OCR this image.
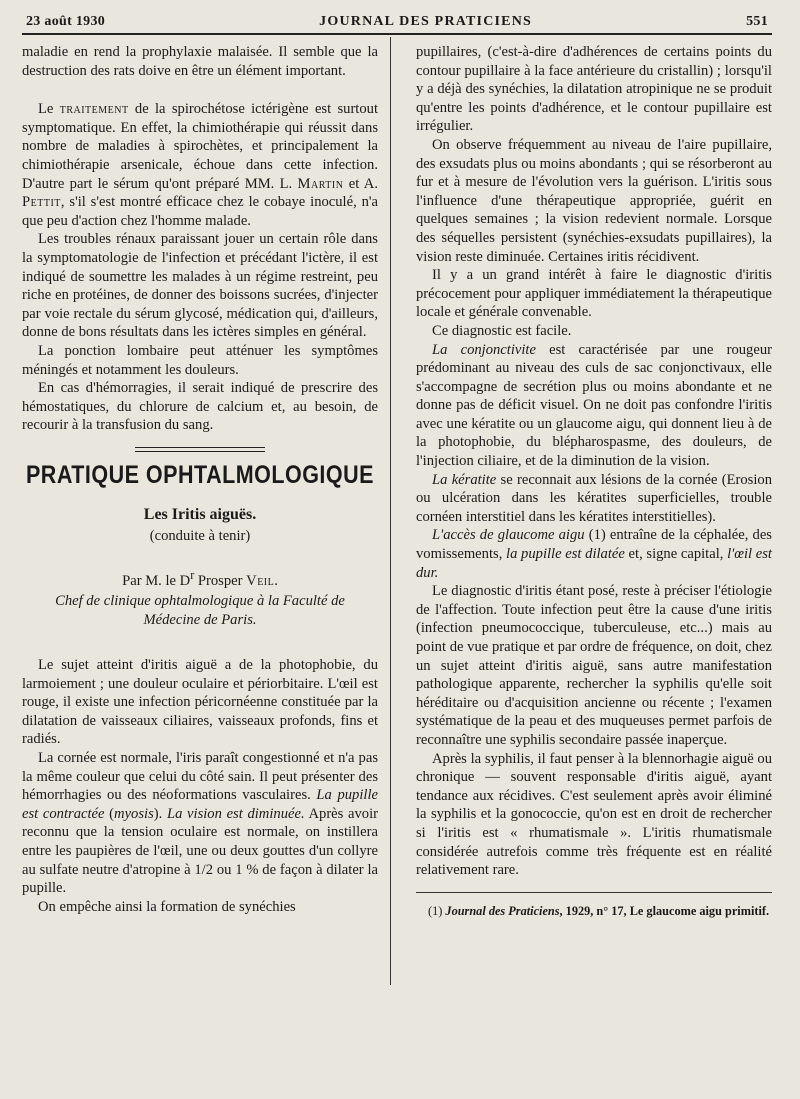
23 août 1930	JOURNAL DES PRATICIENS	551

maladie en rend la prophylaxie malaisée. Il semble que la destruction des rats doive en être un élément important.

Le traitement de la spirochétose ictérigène est surtout symptomatique. En effet, la chimiothérapie qui réussit dans nombre de maladies à spirochètes, et principalement la chimiothérapie arsenicale, échoue dans cette infection. D'autre part le sérum qu'ont préparé MM. L. Martin et A. Pettit, s'il s'est montré efficace chez le cobaye inoculé, n'a que peu d'action chez l'homme malade.

Les troubles rénaux paraissant jouer un certain rôle dans la symptomatologie de l'infection et précédant l'ictère, il est indiqué de soumettre les malades à un régime restreint, peu riche en protéines, de donner des boissons sucrées, d'injecter par voie rectale du sérum glycosé, médication qui, d'ailleurs, donne de bons résultats dans les ictères simples en général.

La ponction lombaire peut atténuer les symptômes méningés et notamment les douleurs.

En cas d'hémorragies, il serait indiqué de prescrire des hémostatiques, du chlorure de calcium et, au besoin, de recourir à la transfusion du sang.

PRATIQUE OPHTALMOLOGIQUE
Les Iritis aiguës.
(conduite à tenir)
Par M. le $D^r$ Prosper Veil.
Chef de clinique ophtalmologique à la Faculté de Médecine de Paris.

Le sujet atteint d'iritis aiguë a de la photophobie, du larmoiement ; une douleur oculaire et périorbitaire. L'œil est rouge, il existe une infection péricornéenne constituée par la dilatation de vaisseaux ciliaires, vaisseaux profonds, fins et radiés.

La cornée est normale, l'iris paraît congestionné et n'a pas la même couleur que celui du côté sain. Il peut présenter des hémorrhagies ou des néoformations vasculaires. La pupille est contractée (myosis). La vision est diminuée. Après avoir reconnu que la tension oculaire est normale, on instillera entre les paupières de l'œil, une ou deux gouttes d'un collyre au sulfate neutre d'atropine à 1/2 ou 1 % de façon à dilater la pupille.

On empêche ainsi la formation de synéchies

pupillaires, (c'est-à-dire d'adhérences de certains points du contour pupillaire à la face antérieure du cristallin) ; lorsqu'il y a déjà des synéchies, la dilatation atropinique ne se produit qu'entre les points d'adhérence, et le contour pupillaire est irrégulier.

On observe fréquemment au niveau de l'aire pupillaire, des exsudats plus ou moins abondants ; qui se résorberont au fur et à mesure de l'évolution vers la guérison. L'iritis sous l'influence d'une thérapeutique appropriée, guérit en quelques semaines ; la vision redevient normale. Lorsque des séquelles persistent (synéchies-exsudats pupillaires), la vision reste diminuée. Certaines iritis récidivent.

Il y a un grand intérêt à faire le diagnostic d'iritis précocement pour appliquer immédiatement la thérapeutique locale et générale convenable.

Ce diagnostic est facile.

La conjonctivite est caractérisée par une rougeur prédominant au niveau des culs de sac conjonctivaux, elle s'accompagne de secrétion plus ou moins abondante et ne donne pas de déficit visuel. On ne doit pas confondre l'iritis avec une kératite ou un glaucome aigu, qui donnent lieu à de la photophobie, du blépharospasme, des douleurs, de l'injection ciliaire, et de la diminution de la vision.

La kératite se reconnait aux lésions de la cornée (Erosion ou ulcération dans les kératites superficielles, trouble cornéen interstitiel dans les kératites interstitielles).

L'accès de glaucome aigu (1) entraîne de la céphalée, des vomissements, la pupille est dilatée et, signe capital, l'œil est dur.

Le diagnostic d'iritis étant posé, reste à préciser l'étiologie de l'affection. Toute infection peut être la cause d'une iritis (infection pneumococcique, tuberculeuse, etc...) mais au point de vue pratique et par ordre de fréquence, on doit, chez un sujet atteint d'iritis aiguë, sans autre manifestation pathologique apparente, rechercher la syphilis qu'elle soit héréditaire ou d'acquisition ancienne ou récente ; l'examen systématique de la peau et des muqueuses permet parfois de reconnaître une syphilis secondaire passée inaperçue.

Après la syphilis, il faut penser à la blennorhagie aiguë ou chronique — souvent responsable d'iritis aiguë, ayant tendance aux récidives. C'est seulement après avoir éliminé la syphilis et la gonococcie, qu'on est en droit de rechercher si l'iritis est « rhumatismale ». L'iritis rhumatismale considérée autrefois comme très fréquente est en réalité relativement rare.

(1) Journal des Praticiens, 1929, n° 17, Le glaucome aigu primitif.
